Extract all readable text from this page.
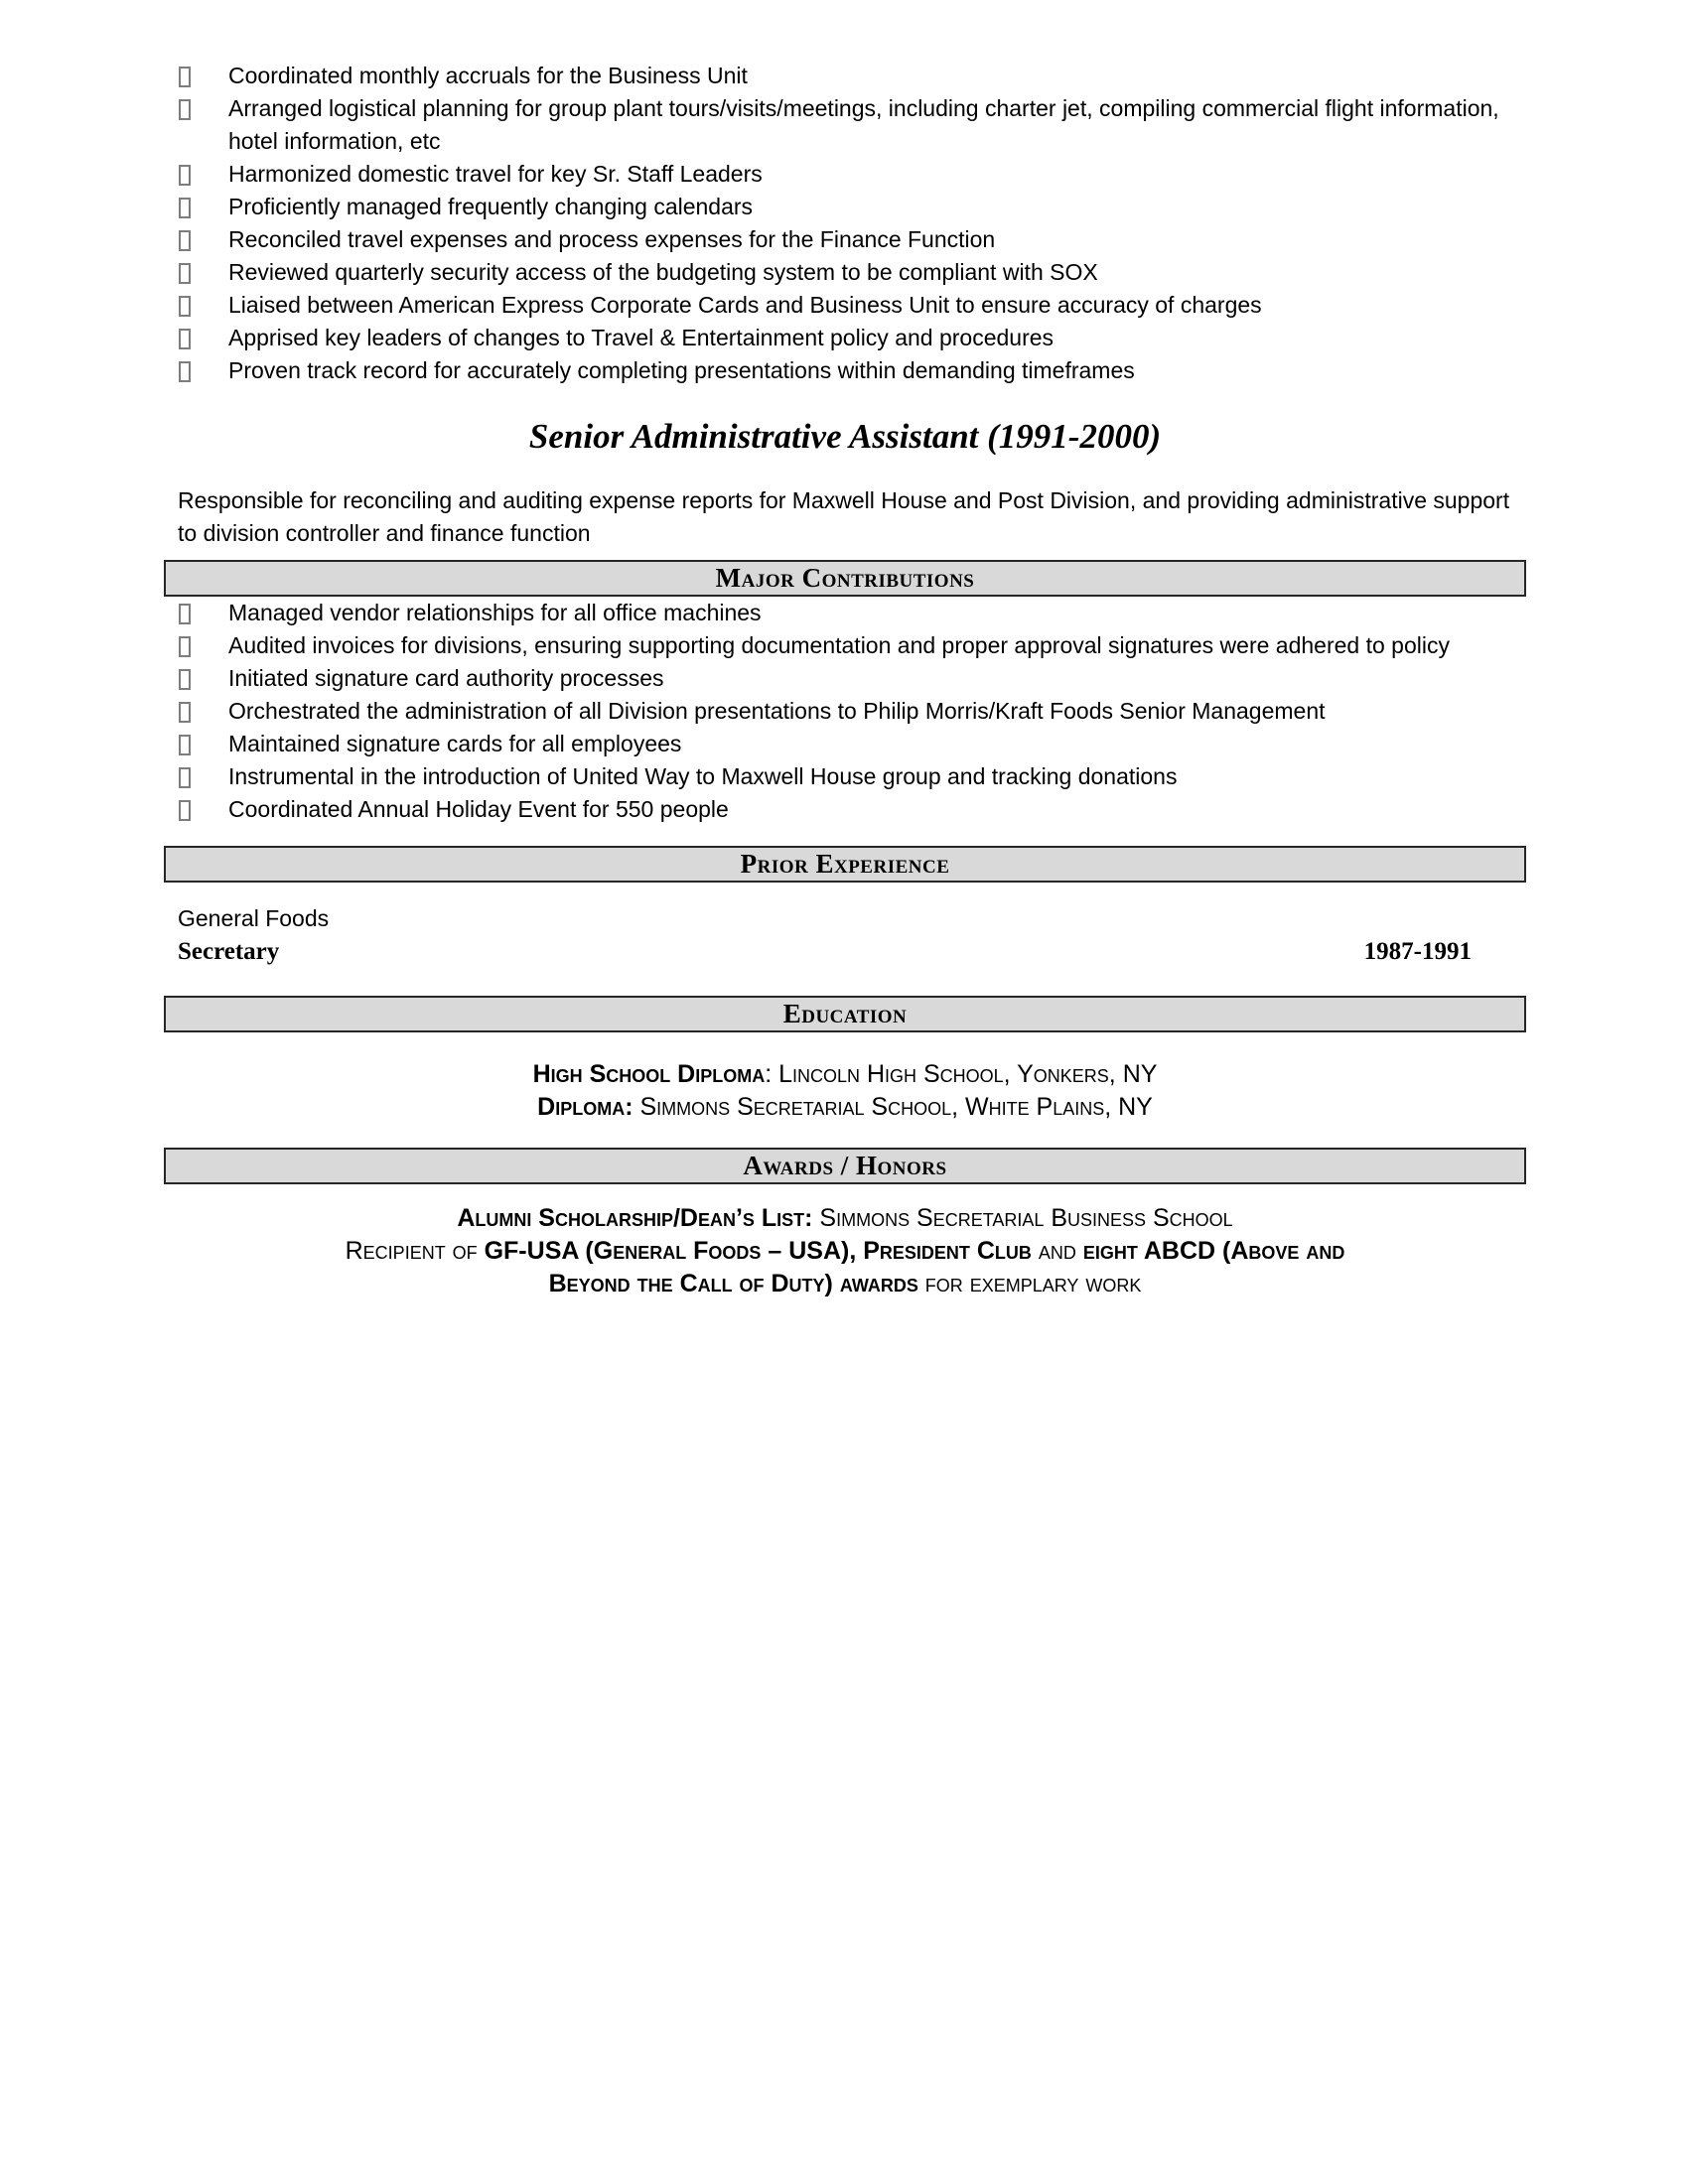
Coordinated monthly accruals for the Business Unit
Arranged logistical planning for group plant tours/visits/meetings, including charter jet, compiling commercial flight information, hotel information, etc
Harmonized domestic travel for key Sr. Staff Leaders
Proficiently managed frequently changing calendars
Reconciled travel expenses and process expenses for the Finance Function
Reviewed quarterly security access of the budgeting system to be compliant with SOX
Liaised between American Express Corporate Cards and Business Unit to ensure accuracy of charges
Apprised key leaders of changes to Travel & Entertainment policy and procedures
Proven track record for accurately completing presentations within demanding timeframes
Senior Administrative Assistant (1991-2000)
Responsible for reconciling and auditing expense reports for Maxwell House and Post Division, and providing administrative support to division controller and finance function
Major Contributions
Managed vendor relationships for all office machines
Audited invoices for divisions, ensuring supporting documentation and proper approval signatures were adhered to policy
Initiated signature card authority processes
Orchestrated the administration of all Division presentations to Philip Morris/Kraft Foods Senior Management
Maintained signature cards for all employees
Instrumental in the introduction of United Way to Maxwell House group and tracking donations
Coordinated Annual Holiday Event for 550 people
Prior Experience
General Foods
Secretary	1987-1991
Education
High School Diploma: Lincoln High School, Yonkers, NY
Diploma: Simmons Secretarial School, White Plains, NY
Awards / Honors
Alumni Scholarship/Dean’s List: Simmons Secretarial Business School
Recipient of GF-USA (General Foods – USA), President Club and eight ABCD (Above and
Beyond the Call of Duty) awards for exemplary work
